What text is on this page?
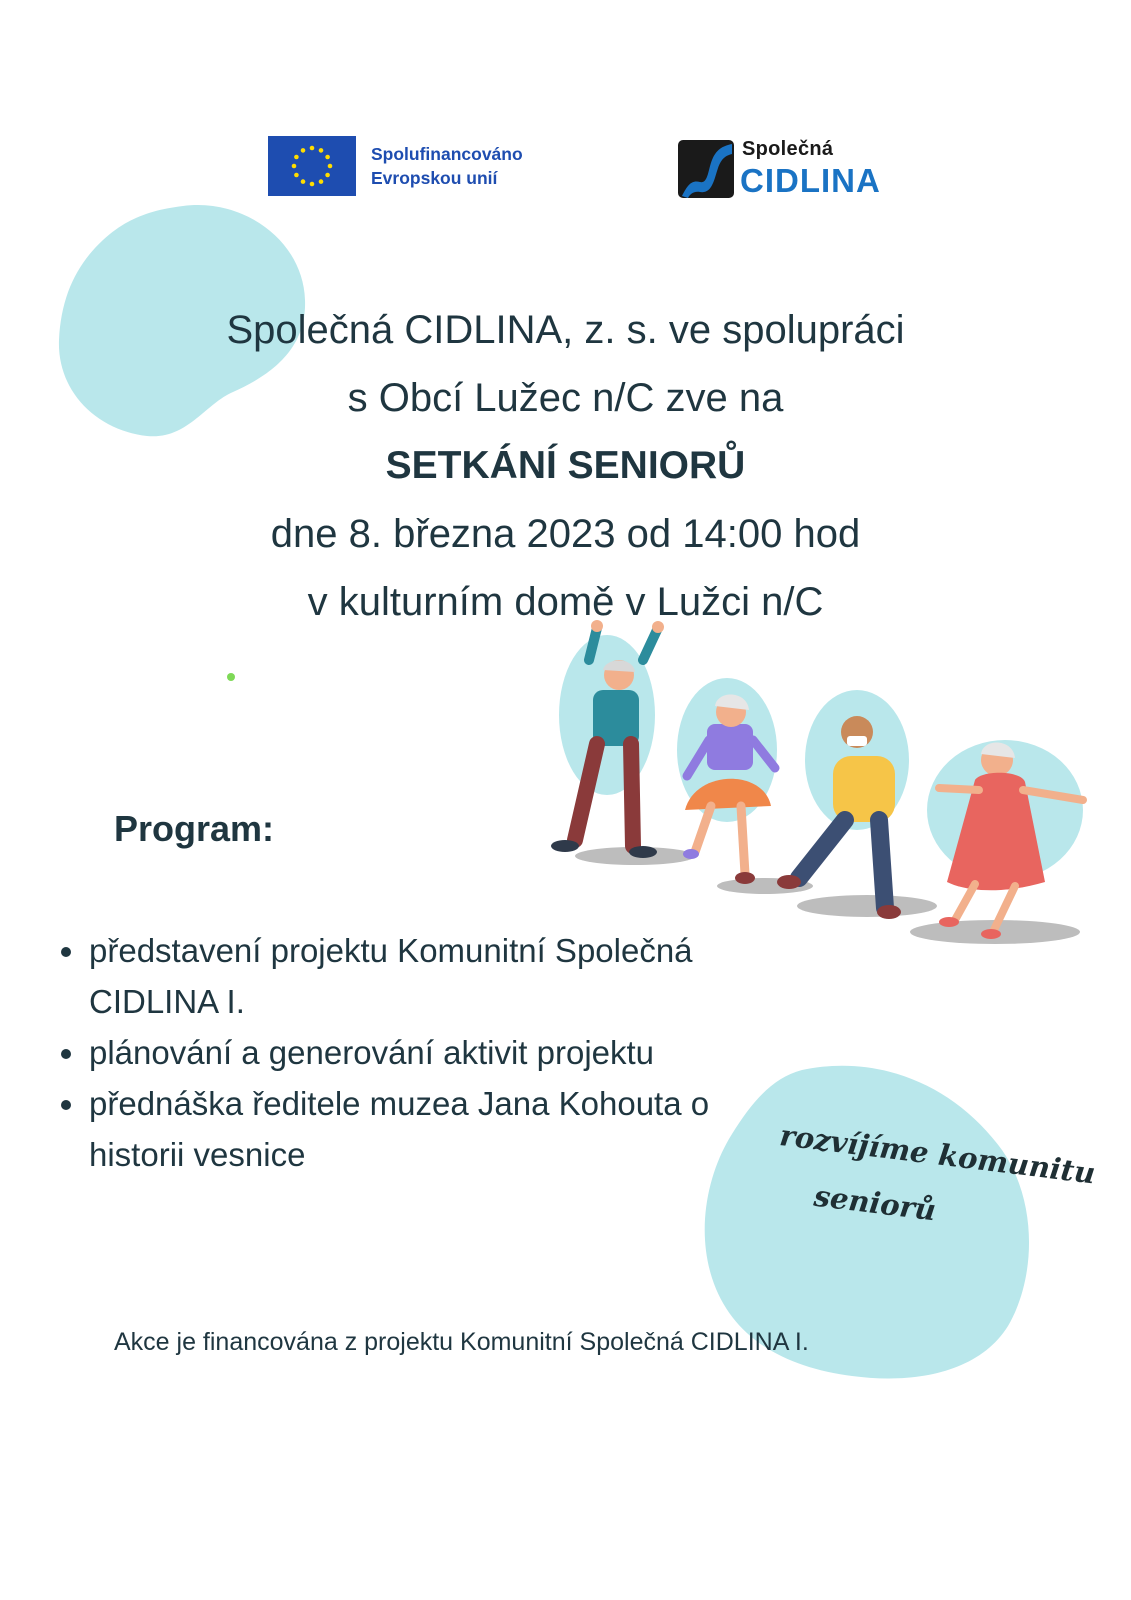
Spolufinancováno
Evropskou unií
Společná
CIDLINA
Společná CIDLINA, z. s. ve spolupráci
s Obcí Lužec n/C zve na
SETKÁNÍ SENIORŮ
dne 8. března 2023 od 14:00 hod
v kulturním domě v Lužci n/C
Program:
představení projektu Komunitní Společná
CIDLINA I.
plánování a generování aktivit projektu
přednáška ředitele muzea Jana Kohouta o
historii vesnice	rozvíjíme komunitu
seniorů
Akce je financována z projektu Komunitní Společná CIDLINA I.
